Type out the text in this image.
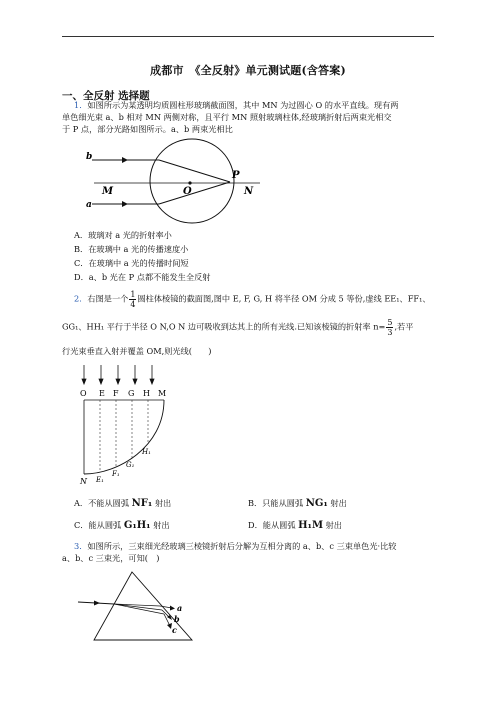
成都市　《全反射》单元测试题(含答案)
一、全反射 选择题
1．如图所示为某透明均质圆柱形玻璃截面图，其中 MN 为过圆心 O 的水平直线。现有两
单色细光束 a、b 相对 MN 两侧对称，且平行 MN 照射玻璃柱体,经玻璃折射后两束光相交
于 P 点，部分光路如图所示。a、b 两束光相比
b
a
M	O
P
N
A．玻璃对 a 光的折射率小
B．在玻璃中 a 光的传播速度小
C．在玻璃中 a 光的传播时间短
D．a、b 光在 P 点都不能发生全反射
2．右图是一个 $\frac{1}{4}$ 圆柱体棱镜的截面图,图中 E, F, G, H 将半径 OM 分成 5 等份,虚线 EE₁、FF₁、
GG₁、HH₁ 平行于半径 O N,O N 边可吸收到达其上的所有光线.已知该棱镜的折射率 $n= \frac{5}{3}$ ,若平
行光束垂直入射并覆盖 OM,则光线(　　)
O E F G H M
N E₁
F₁
G₁
H₁
A．不能从圆弧 NF₁ 射出	B．只能从圆弧 NG₁ 射出
C．能从圆弧 G₁H₁ 射出	D．能从圆弧 H₁M 射出
3．如图所示，三束细光经玻璃三棱镜折射后分解为互相分离的 a、b、c 三束单色光·比较
a、b、c 三束光，可知(　)
a
b
c
